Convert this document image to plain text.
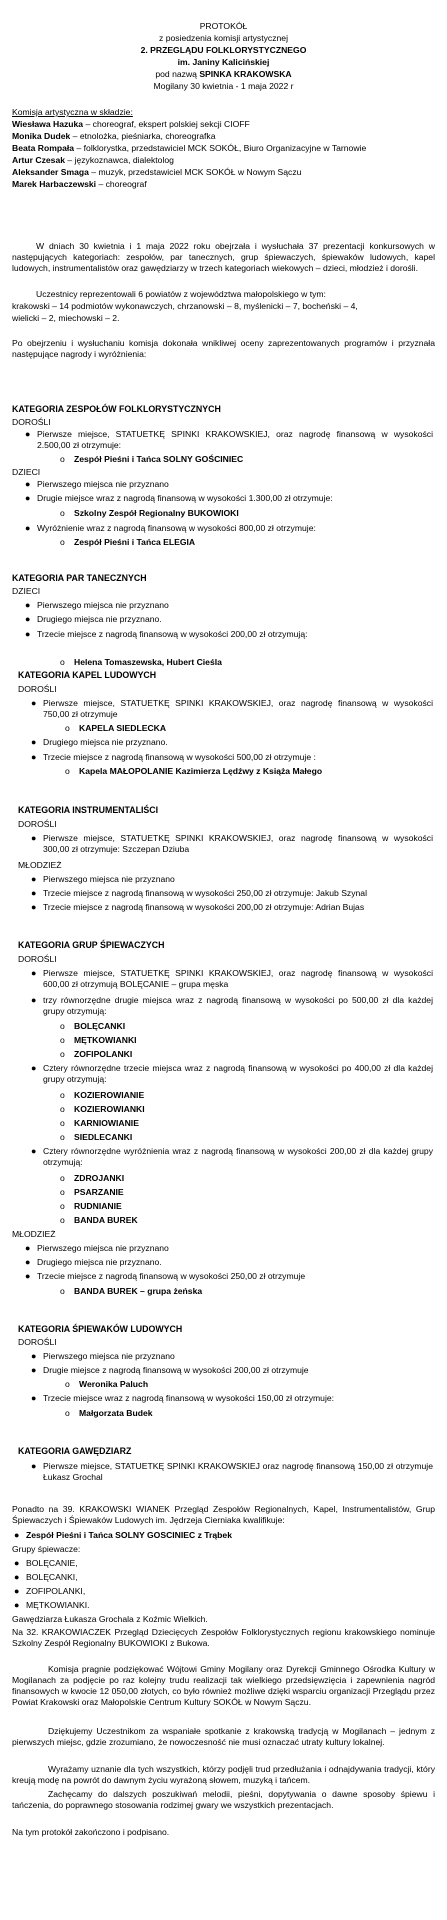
PROTOKÓŁ
z posiedzenia komisji artystycznej
2. PRZEGLĄDU FOLKLORYSTYCZNEGO
im. Janiny Kalicińskiej
pod nazwą SPINKA KRAKOWSKA
Mogilany 30 kwietnia - 1 maja 2022 r
Komisja artystyczna w składzie:
Wiesława Hazuka – choreograf, ekspert polskiej sekcji CIOFF
Monika Dudek – etnolożka, pieśniarka, choreografka
Beata Rompała – folklorystka, przedstawiciel MCK SOKÓŁ, Biuro Organizacyjne w Tarnowie
Artur Czesak – językoznawca, dialektolog
Aleksander Smaga – muzyk, przedstawiciel MCK SOKÓŁ w Nowym Sączu
Marek Harbaczewski – choreograf
W dniach 30 kwietnia i 1 maja 2022 roku obejrzała i wysłuchała 37 prezentacji konkursowych w następujących kategoriach: zespołów, par tanecznych, grup śpiewaczych, śpiewaków ludowych, kapel ludowych, instrumentalistów oraz gawędziarzy w trzech kategoriach wiekowych – dzieci, młodzież i dorośli.
Uczestnicy reprezentowali 6 powiatów z województwa małopolskiego w tym:
krakowski – 14 podmiotów wykonawczych, chrzanowski – 8, myślenicki – 7, bocheński – 4,
wielicki – 2, miechowski – 2.
Po obejrzeniu i wysłuchaniu komisja dokonała wnikliwej oceny zaprezentowanych programów i przyznała następujące nagrody i wyróżnienia:
KATEGORIA ZESPOŁÓW FOLKLORYSTYCZNYCH
DOROŚLI
● Pierwsze miejsce, STATUETKĘ SPINKI KRAKOWSKIEJ, oraz nagrodę finansową w wysokości 2.500,00 zł otrzymuje:
o Zespół Pieśni i Tańca SOLNY GOŚCINIEC
DZIECI
● Pierwszego miejsca nie przyznano
● Drugie miejsce wraz z nagrodą finansową w wysokości 1.300,00 zł otrzymuje:
o Szkolny Zespół Regionalny BUKOWIOKI
● Wyróżnienie wraz z nagrodą finansową w wysokości 800,00 zł otrzymuje:
o Zespół Pieśni i Tańca ELEGIA
KATEGORIA PAR TANECZNYCH
DZIECI
● Pierwszego miejsca nie przyznano
● Drugiego miejsca nie przyznano.
● Trzecie miejsce z nagrodą finansową w wysokości 200,00 zł otrzymują:
o Helena Tomaszewska, Hubert Cieśla
KATEGORIA KAPEL LUDOWYCH
DOROŚLI
● Pierwsze miejsce, STATUETKĘ SPINKI KRAKOWSKIEJ, oraz nagrodę finansową w wysokości 750,00 zł otrzymuje
o KAPELA SIEDLECKA
● Drugiego miejsca nie przyznano.
● Trzecie miejsce z nagrodą finansową w wysokości 500,00 zł otrzymuje :
o Kapela MAŁOPOLANIE Kazimierza Lędźwy z Książa Małego
KATEGORIA INSTRUMENTALIŚCI
DOROŚLI
● Pierwsze miejsce, STATUETKĘ SPINKI KRAKOWSKIEJ, oraz nagrodę finansową w wysokości 300,00 zł otrzymuje: Szczepan Dziuba
MŁODZIEŻ
● Pierwszego miejsca nie przyznano
● Trzecie miejsce z nagrodą finansową w wysokości 250,00 zł otrzymuje: Jakub Szynal
● Trzecie miejsce z nagrodą finansową w wysokości 200,00 zł otrzymuje: Adrian Bujas
KATEGORIA GRUP ŚPIEWACZYCH
DOROŚLI
● Pierwsze miejsce, STATUETKĘ SPINKI KRAKOWSKIEJ, oraz nagrodę finansową w wysokości 600,00 zł otrzymują BOLĘCANIE – grupa męska
● trzy równorzędne drugie miejsca wraz z nagrodą finansową w wysokości po 500,00 zł dla każdej grupy otrzymują:
o BOLĘCANKI
o MĘTKOWIANKI
o ZOFIPOLANKI
● Cztery równorzędne trzecie miejsca wraz z nagrodą finansową w wysokości po 400,00 zł dla każdej grupy otrzymują:
o KOZIEROWIANIE
o KOZIEROWIANKI
o KARNIOWIANIE
o SIEDLECANKI
● Cztery równorzędne wyróżnienia wraz z nagrodą finansową w wysokości 200,00 zł dla każdej grupy otrzymują:
o ZDROJANKI
o PSARZANIE
o RUDNIANIE
o BANDA BUREK
MŁODZIEŻ
● Pierwszego miejsca nie przyznano
● Drugiego miejsca nie przyznano.
● Trzecie miejsce z nagrodą finansową w wysokości 250,00 zł otrzymuje
o BANDA BUREK – grupa żeńska
KATEGORIA ŚPIEWAKÓW LUDOWYCH
DOROŚLI
● Pierwszego miejsca nie przyznano
● Drugie miejsce z nagrodą finansową w wysokości 200,00 zł otrzymuje
o Weronika Paluch
● Trzecie miejsce wraz z nagrodą finansową w wysokości 150,00 zł otrzymuje:
o Małgorzata Budek
KATEGORIA GAWĘDZIARZ
● Pierwsze miejsce, STATUETKĘ SPINKI KRAKOWSKIEJ oraz nagrodę finansową 150,00 zł otrzymuje Łukasz Grochal
Ponadto na 39. KRAKOWSKI WIANEK Przegląd Zespołów Regionalnych, Kapel, Instrumentalistów, Grup Śpiewaczych i Śpiewaków Ludowych im. Jędrzeja Cierniaka kwalifikuje:
● Zespół Pieśni i Tańca SOLNY GOSCINIEC z Trąbek
Grupy śpiewacze:
● BOLĘCANIE,
● BOLĘCANKI,
● ZOFIPOLANKI,
● MĘTKOWIANKI.
Gawędziarza Łukasza Grochala z Koźmic Wielkich.
Na 32. KRAKOWIACZEK Przegląd Dziecięcych Zespołów Folklorystycznych regionu krakowskiego nominuje Szkolny Zespół Regionalny BUKOWIOKI z Bukowa.
Komisja pragnie podziękować Wójtowi Gminy Mogilany oraz Dyrekcji Gminnego Ośrodka Kultury w Mogilanach za podjęcie po raz kolejny trudu realizacji tak wielkiego przedsięwzięcia i zapewnienia nagród finansowych w kwocie 12 050,00 złotych, co było również możliwe dzięki wsparciu organizacji Przeglądu przez Powiat Krakowski oraz Małopolskie Centrum Kultury SOKÓŁ w Nowym Sączu.
Dziękujemy Uczestnikom za wspaniałe spotkanie z krakowską tradycją w Mogilanach – jednym z pierwszych miejsc, gdzie zrozumiano, że nowoczesność nie musi oznaczać utraty kultury lokalnej.
Wyrażamy uznanie dla tych wszystkich, którzy podjęli trud przedłużania i odnajdywania tradycji, który kreują modę na powrót do dawnym życiu wyrażoną słowem, muzyką i tańcem.
Zachęcamy do dalszych poszukiwań melodii, pieśni, dopytywania o dawne sposoby śpiewu i tańczenia, do poprawnego stosowania rodzimej gwary we wszystkich prezentacjach.
Na tym protokół zakończono i podpisano.
